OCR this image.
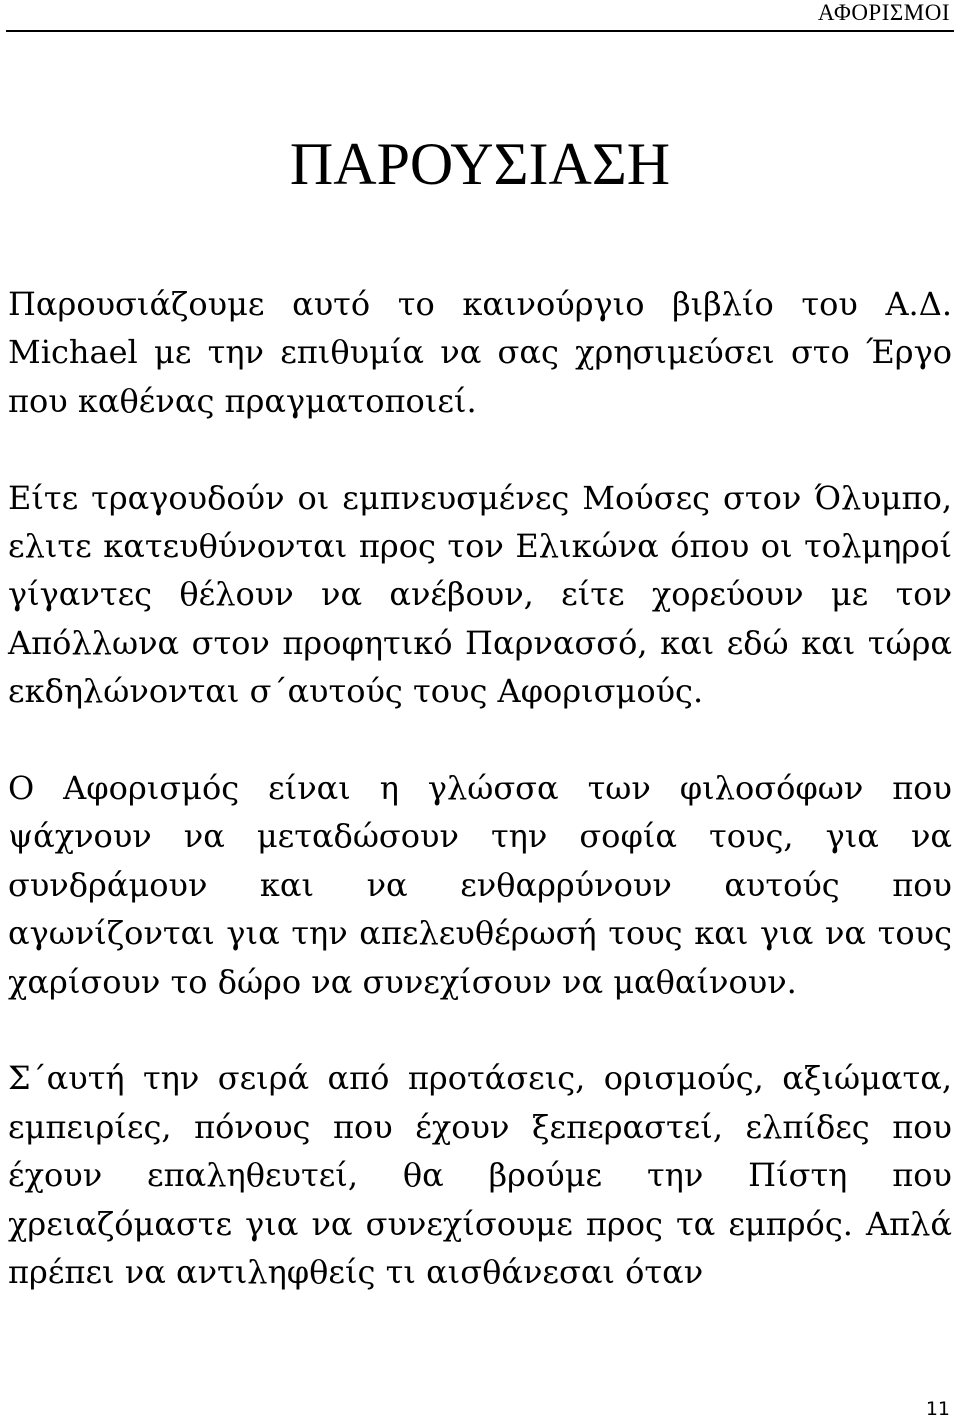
ΑΦΟΡΙΣΜΟΙ
ΠΑΡΟΥΣΙΑΣΗ

Παρουσιάζουμε αυτό το καινούργιο βιβλίο του Α.Δ. Michael με την επιθυμία να σας χρησιμεύσει στο Έργο που καθένας πραγματοποιεί.

Είτε τραγουδούν οι εμπνευσμένες Μούσες στον Όλυμπο, ελιτε κατευθύνονται προς τον Ελικώνα όπου οι τολμηροί γίγαντες θέλουν να ανέβουν, είτε χορεύουν με τον Απόλλωνα στον προφητικό Παρνασσό, και εδώ και τώρα εκδηλώνονται σ΄αυτούς τους Αφορισμούς.

Ο Αφορισμός είναι η γλώσσα των φιλοσόφων που ψάχνουν να μεταδώσουν την σοφία τους, για να συνδράμουν και να ενθαρρύνουν αυτούς που αγωνίζονται για την απελευθέρωσή τους και για να τους χαρίσουν το δώρο να συνεχίσουν να μαθαίνουν.

Σ΄αυτή την σειρά από προτάσεις, ορισμούς, αξιώματα, εμπειρίες, πόνους που έχουν ξεπεραστεί, ελπίδες που έχουν επαληθευτεί, θα βρούμε την Πίστη που χρειαζόμαστε για να συνεχίσουμε προς τα εμπρός. Απλά πρέπει να αντιληφθείς τι αισθάνεσαι όταν

11
